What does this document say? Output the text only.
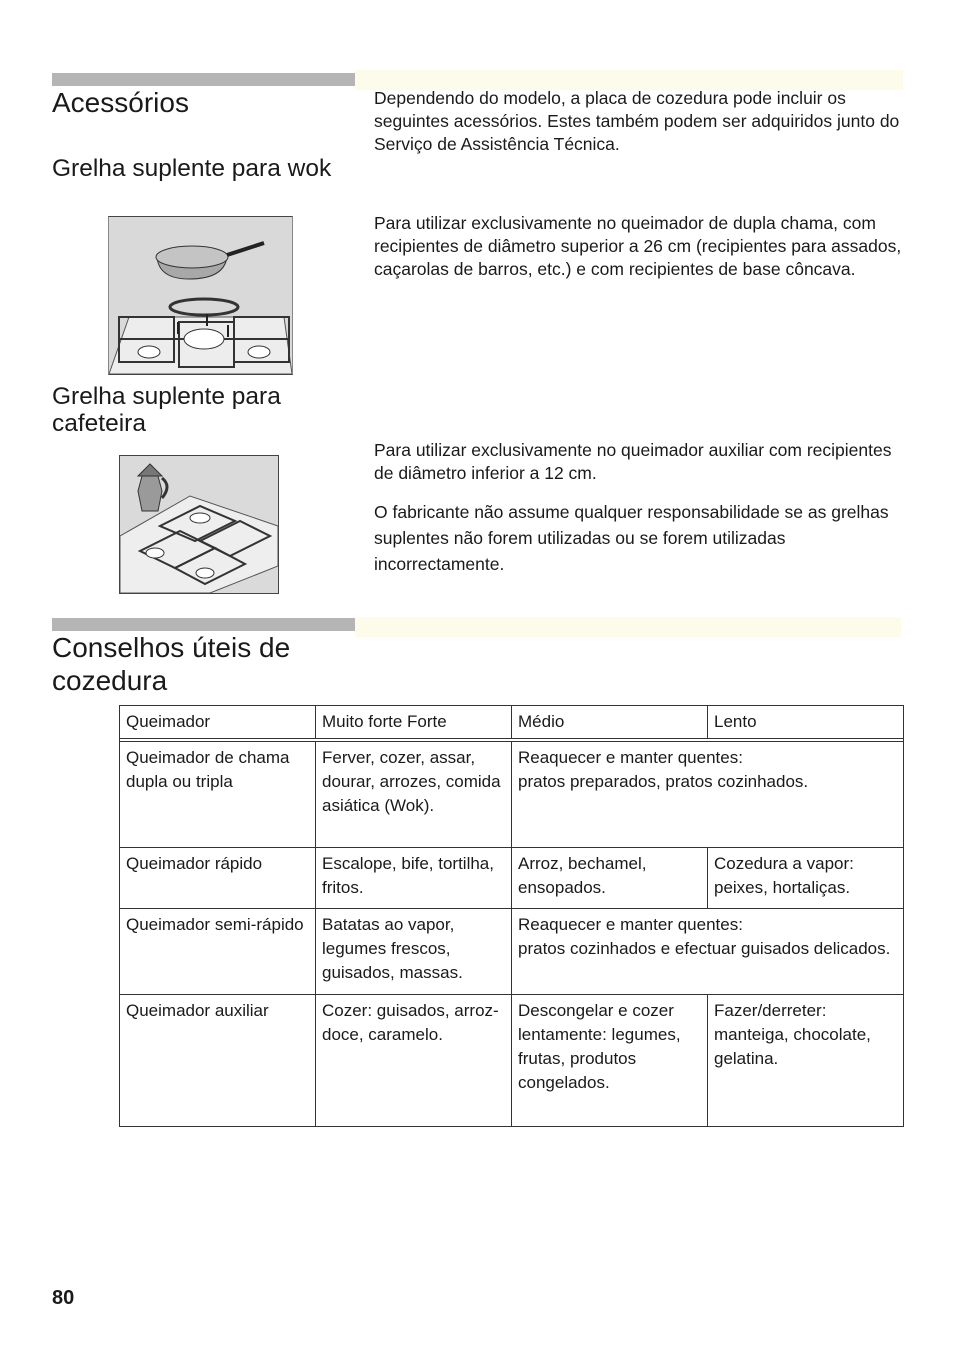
Acessórios	Dependendo do modelo, a placa de cozedura pode incluir os seguintes acessórios. Estes também podem ser adquiridos junto do Serviço de Assistência Técnica.
Grelha suplente para wok
Para utilizar exclusivamente no queimador de dupla chama, com recipientes de diâmetro superior a 26 cm (recipientes para assados, caçarolas de barros, etc.) e com recipientes de base côncava.
Grelha suplente para cafeteira
Para utilizar exclusivamente no queimador auxiliar com recipientes de diâmetro inferior a 12 cm.
O fabricante não assume qualquer responsabilidade se as grelhas suplentes não forem utilizadas ou se forem utilizadas incorrectamente.
Conselhos úteis de cozedura
Queimador	Muito forte Forte	Médio	Lento

Queimador de chama dupla ou tripla	Ferver, cozer, assar, dourar, arrozes, comida asiática (Wok).	Reaquecer e manter quentes:
pratos preparados, pratos cozinhados.	
Queimador rápido	Escalope, bife, tortilha, fritos.	Arroz, bechamel, ensopados.	Cozedura a vapor: peixes, hortaliças.
Queimador semi-rápido	Batatas ao vapor, legumes frescos, guisados, massas.	Reaquecer e manter quentes:
pratos cozinhados e efectuar guisados delicados.	
Queimador auxiliar	Cozer: guisados, arroz-doce, caramelo.	Descongelar e cozer lentamente: legumes, frutas, produtos congelados.	Fazer/derreter: manteiga, chocolate, gelatina.
80
